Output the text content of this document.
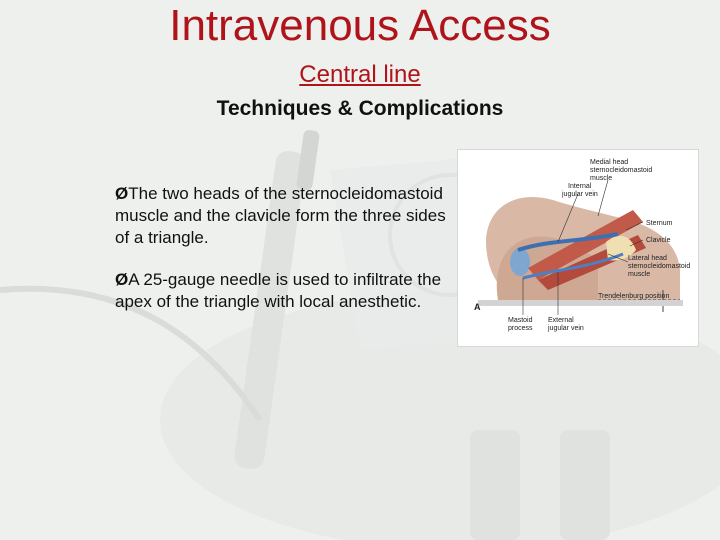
Intravenous Access
Central line
Techniques & Complications

ØThe two heads of the sternocleidomastoid muscle and the clavicle form the three sides of a triangle.

ØA 25-gauge needle is used to infiltrate the apex of the triangle with local anesthetic.

Medial head
sternocleidomastoid
muscle
Internal
jugular vein
Sternum
Clavicle
Lateral head
sternocleidomastoid
muscle
Trendelenburg position
Mastoid
process
External
jugular vein
A
